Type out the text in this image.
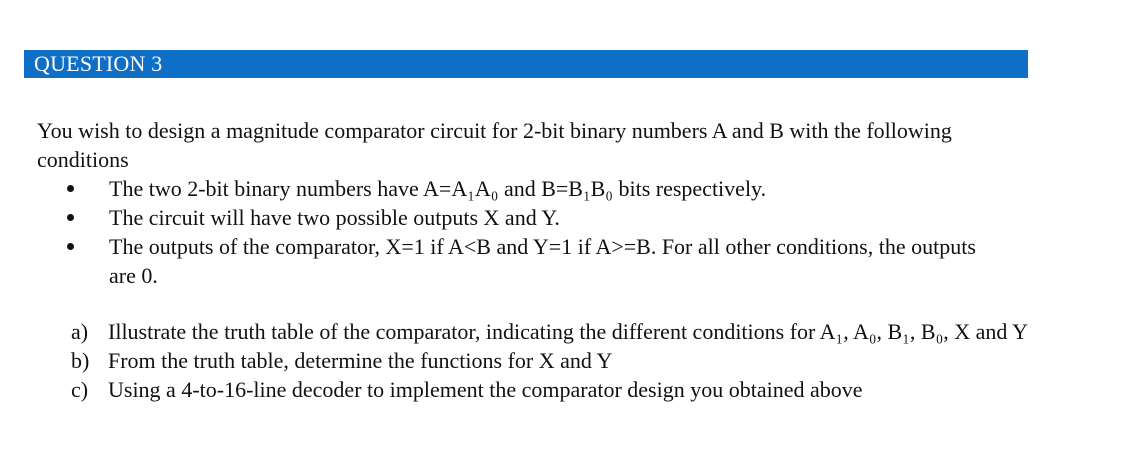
QUESTION 3

You wish to design a magnitude comparator circuit for 2-bit binary numbers A and B with the following conditions

The two 2-bit binary numbers have A=A₁A₀ and B=B₁B₀ bits respectively.
The circuit will have two possible outputs X and Y.
The outputs of the comparator, X=1 if A<B and Y=1 if A>=B. For all other conditions, the outputs are 0.
a) Illustrate the truth table of the comparator, indicating the different conditions for A₁, A₀, B₁, B₀, X and Y
b) From the truth table, determine the functions for X and Y
c) Using a 4-to-16-line decoder to implement the comparator design you obtained above
